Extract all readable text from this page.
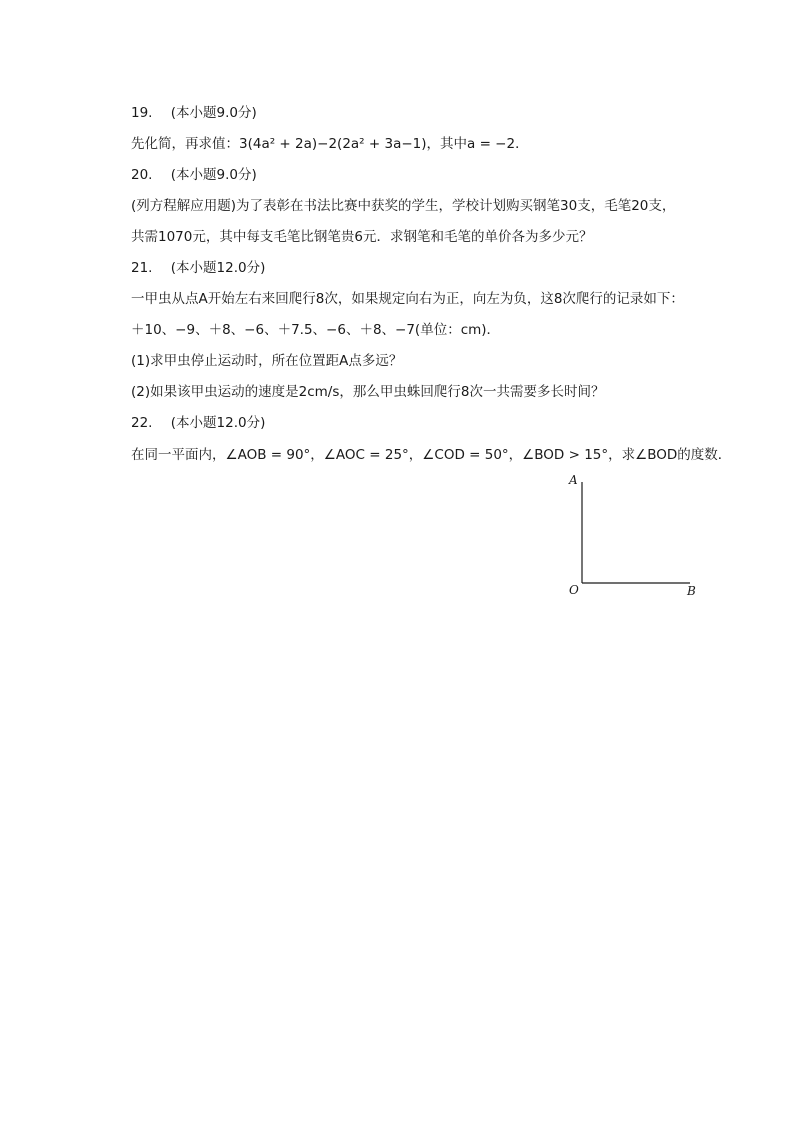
19. (本小题9.0分)
先化简，再求值：3(4a² + 2a)−2(2a² + 3a−1)，其中a = −2．
20. (本小题9.0分)
(列方程解应用题)为了表彰在书法比赛中获奖的学生，学校计划购买钢笔30支，毛笔20支，
共需1070元，其中每支毛笔比钢笔贵6元．求钢笔和毛笔的单价各为多少元？
21. (本小题12.0分)
一甲虫从点A开始左右来回爬行8次，如果规定向右为正，向左为负，这8次爬行的记录如下：
＋10、−9、＋8、−6、＋7.5、−6、＋8、−7(单位：cm)．
(1)求甲虫停止运动时，所在位置距A点多远？
(2)如果该甲虫运动的速度是2cm/s，那么甲虫蛛回爬行8次一共需要多长时间？
22. (本小题12.0分)
在同一平面内，∠AOB = 90°，∠AOC = 25°，∠COD = 50°，∠BOD > 15°，求∠BOD的度数．
A
O	B
